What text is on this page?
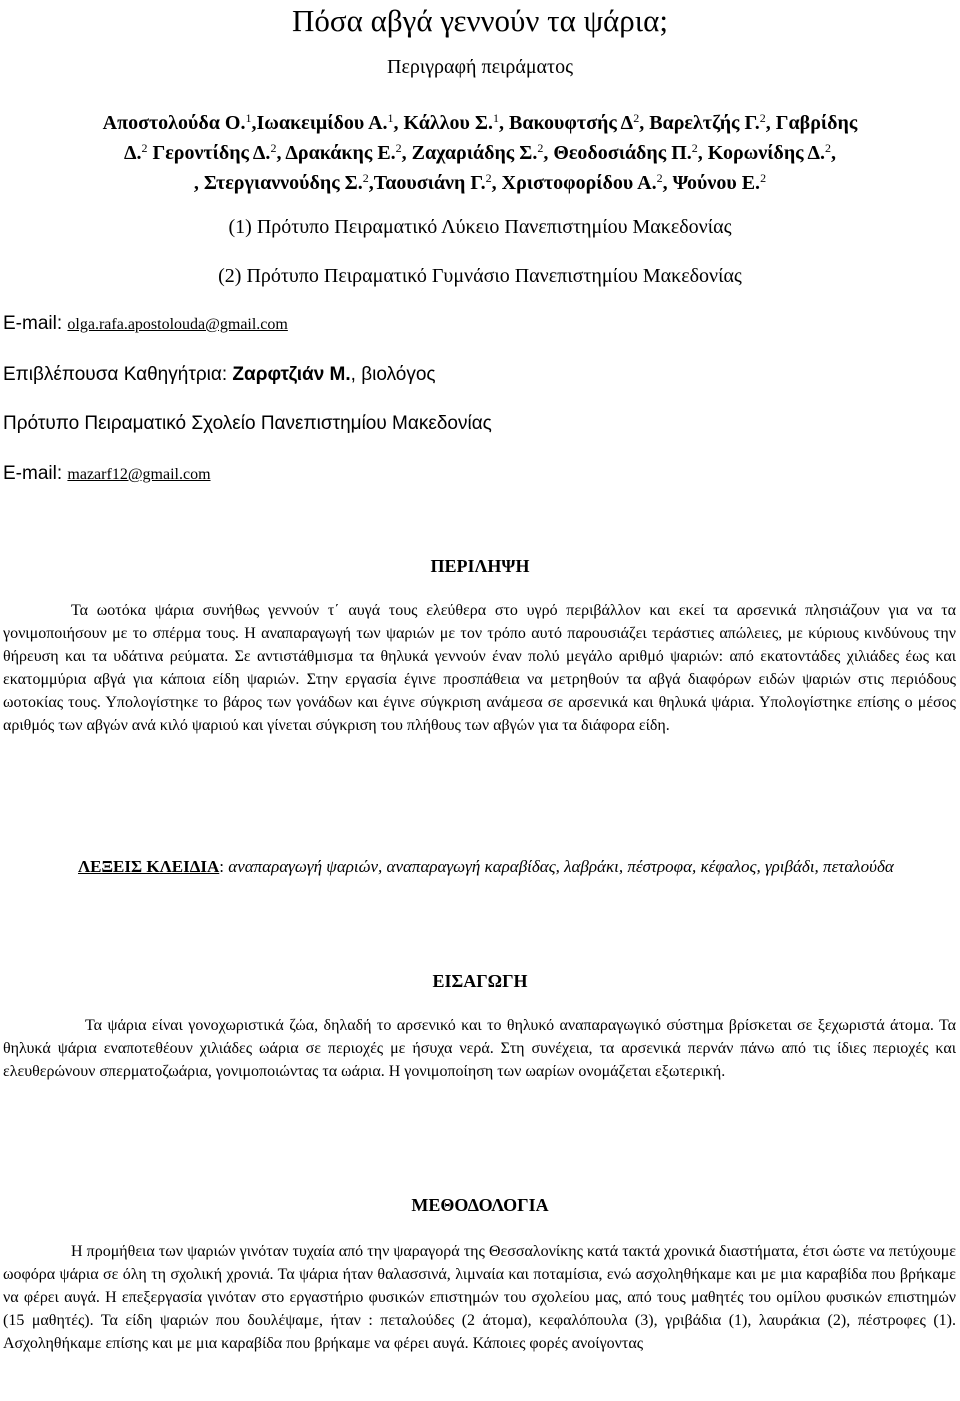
Πόσα αβγά γεννούν τα ψάρια;
Περιγραφή πειράματος
Αποστολούδα Ο.$^1$,Ιωακειμίδου Α.$^1$, Κάλλου Σ.$^1$, Βακουφτσής $\Delta^2$, Βαρελτζής Γ.$^2$, Γαβρίδης
Δ.$^2$ Γεροντίδης Δ.$^2$, Δρακάκης Ε.$^2$, Ζαχαριάδης Σ.$^2$, Θεοδοσιάδης Π.$^2$, Κορωνίδης Δ.$^2$,
, Στεργιαννούδης Σ.$^2$,Ταουσιάνη Γ.$^2$, Χριστοφορίδου Α.$^2$, Ψούνου Ε.$^2$
(1) Πρότυπο Πειραματικό Λύκειο Πανεπιστημίου Μακεδονίας
(2) Πρότυπο Πειραματικό Γυμνάσιο Πανεπιστημίου Μακεδονίας
E-mail: olga.rafa.apostolouda@gmail.com
Επιβλέπουσα Καθηγήτρια: Ζαρφτζιάν Μ., βιολόγος
Πρότυπο Πειραματικό Σχολείο Πανεπιστημίου Μακεδονίας
E-mail: mazarf12@gmail.com
ΠΕΡΙΛΗΨΗ
Τα ωοτόκα ψάρια συνήθως γεννούν τ΄ αυγά τους ελεύθερα στο υγρό περιβάλλον και εκεί τα αρσενικά πλησιάζουν για να τα γονιμοποιήσουν με το σπέρμα τους. Η αναπαραγωγή των ψαριών με τον τρόπο αυτό παρουσιάζει τεράστιες απώλειες, με κύριους κινδύνους την θήρευση και τα υδάτινα ρεύματα. Σε αντιστάθμισμα τα θηλυκά γεννούν έναν πολύ μεγάλο αριθμό ψαριών: από εκατοντάδες χιλιάδες έως και εκατομμύρια αβγά για κάποια είδη ψαριών. Στην εργασία έγινε προσπάθεια να μετρηθούν τα αβγά διαφόρων ειδών ψαριών στις περιόδους ωοτοκίας τους. Υπολογίστηκε το βάρος των γονάδων και έγινε σύγκριση ανάμεσα σε αρσενικά και θηλυκά ψάρια. Υπολογίστηκε επίσης ο μέσος αριθμός των αβγών ανά κιλό ψαριού και γίνεται σύγκριση του πλήθους των αβγών για τα διάφορα είδη.
ΛΕΞΕΙΣ ΚΛΕΙΔΙΑ: αναπαραγωγή ψαριών, αναπαραγωγή καραβίδας, λαβράκι, πέστροφα, κέφαλος, γριβάδι, πεταλούδα
ΕΙΣΑΓΩΓΗ
Τα ψάρια είναι γονοχωριστικά ζώα, δηλαδή το αρσενικό και το θηλυκό αναπαραγωγικό σύστημα βρίσκεται σε ξεχωριστά άτομα. Τα θηλυκά ψάρια εναποτεθέουν χιλιάδες ωάρια σε περιοχές με ήσυχα νερά. Στη συνέχεια, τα αρσενικά περνάν πάνω από τις ίδιες περιοχές και ελευθερώνουν σπερματοζωάρια, γονιμοποιώντας τα ωάρια. Η γονιμοποίηση των ωαρίων ονομάζεται εξωτερική.
ΜΕΘΟΔΟΛΟΓΙΑ
Η προμήθεια των ψαριών γινόταν τυχαία από την ψαραγορά της Θεσσαλονίκης κατά τακτά χρονικά διαστήματα, έτσι ώστε να πετύχουμε ωοφόρα ψάρια σε όλη τη σχολική χρονιά. Τα ψάρια ήταν θαλασσινά, λιμναία και ποταμίσια, ενώ ασχοληθήκαμε και με μια καραβίδα που βρήκαμε να φέρει αυγά. Η επεξεργασία γινόταν στο εργαστήριο φυσικών επιστημών του σχολείου μας, από τους μαθητές του ομίλου φυσικών επιστημών (15 μαθητές). Τα είδη ψαριών που δουλέψαμε, ήταν : πεταλούδες (2 άτομα), κεφαλόπουλα (3), γριβάδια (1), λαυράκια (2), πέστροφες (1). Ασχοληθήκαμε επίσης και με μια καραβίδα που βρήκαμε να φέρει αυγά. Κάποιες φορές ανοίγοντας
